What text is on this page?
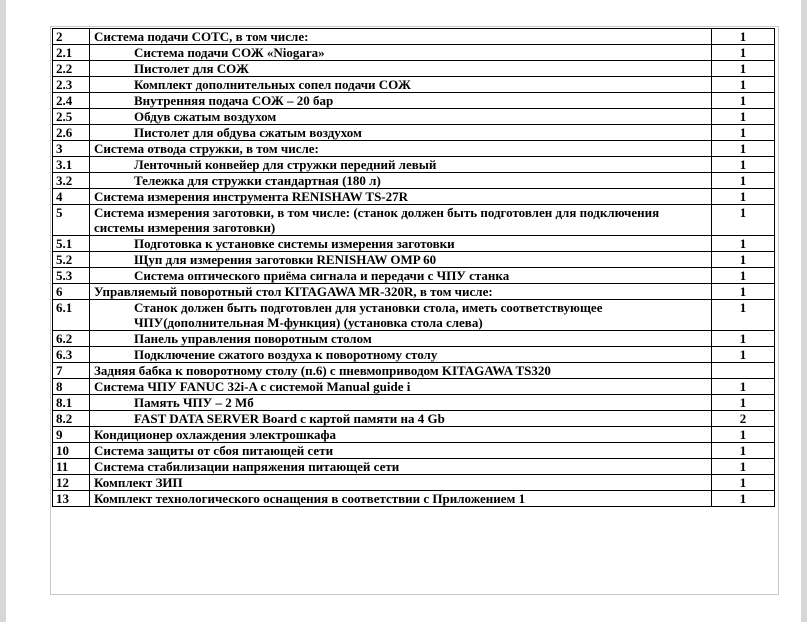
2	Система подачи СОТС, в том числе:	1
2.1	Система подачи СОЖ «Niogara»	1
2.2	Пистолет для СОЖ	1
2.3	Комплект дополнительных сопел подачи СОЖ	1
2.4	Внутренняя подача СОЖ – 20 бар	1
2.5	Обдув сжатым воздухом	1
2.6	Пистолет для обдува сжатым воздухом	1
3	Система отвода стружки, в том числе:	1
3.1	Ленточный конвейер для стружки передний левый	1
3.2	Тележка для стружки стандартная (180 л)	1
4	Система измерения инструмента RENISHAW TS-27R	1
5	Система измерения заготовки, в том числе: (станок должен быть подготовлен для подключения системы измерения заготовки)	1
5.1	Подготовка к установке системы измерения заготовки	1
5.2	Щуп для измерения заготовки RENISHAW OMP 60	1
5.3	Система оптического приёма сигнала и передачи с ЧПУ станка	1
6	Управляемый поворотный стол KITAGAWA MR-320R, в том числе:	1
6.1	Станок должен быть подготовлен для установки стола, иметь соответствующее ЧПУ(дополнительная М-функция) (установка стола слева)	1
6.2	Панель управления поворотным столом	1
6.3	Подключение сжатого воздуха к поворотному столу	1
7	Задняя бабка к поворотному столу (п.6) с пневмоприводом KITAGAWA TS320	
8	Система ЧПУ FANUC 32i-A с системой Manual guide i	1
8.1	Память ЧПУ – 2 Мб	1
8.2	FAST DATA SERVER Board с картой памяти на 4 Gb	2
9	Кондиционер охлаждения электрошкафа	1
10	Система защиты от сбоя питающей сети	1
11	Система стабилизации напряжения питающей сети	1
12	Комплект ЗИП	1
13	Комплект технологического оснащения в соответствии с Приложением 1	1
